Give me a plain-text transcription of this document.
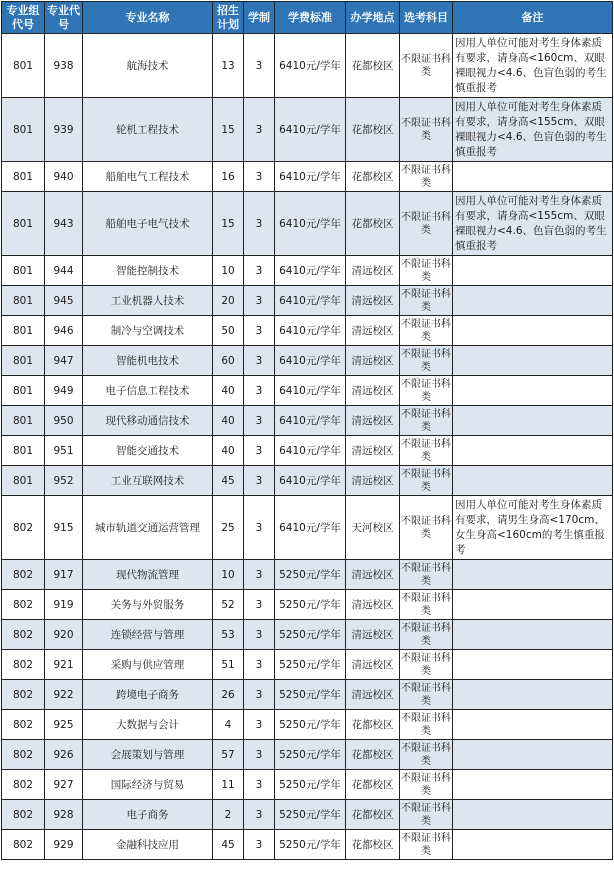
专业组代号	专业代号	专业名称	招生计划	学制	学费标准	办学地点	选考科目	备注
801	938	航海技术	13	3	6410元/学年	花都校区	不限证书科类	因用人单位可能对考生身体素质有要求，请身高<160cm、双眼裸眼视力<4.6、色盲色弱的考生慎重报考
801	939	轮机工程技术	15	3	6410元/学年	花都校区	不限证书科类	因用人单位可能对考生身体素质有要求，请身高<155cm、双眼裸眼视力<4.6、色盲色弱的考生慎重报考
801	940	船舶电气工程技术	16	3	6410元/学年	花都校区	不限证书科类	
801	943	船舶电子电气技术	15	3	6410元/学年	花都校区	不限证书科类	因用人单位可能对考生身体素质有要求，请身高<155cm、双眼裸眼视力<4.6、色盲色弱的考生慎重报考
801	944	智能控制技术	10	3	6410元/学年	清远校区	不限证书科类	
801	945	工业机器人技术	20	3	6410元/学年	清远校区	不限证书科类	
801	946	制冷与空调技术	50	3	6410元/学年	清远校区	不限证书科类	
801	947	智能机电技术	60	3	6410元/学年	清远校区	不限证书科类	
801	949	电子信息工程技术	40	3	6410元/学年	清远校区	不限证书科类	
801	950	现代移动通信技术	40	3	6410元/学年	清远校区	不限证书科类	
801	951	智能交通技术	40	3	6410元/学年	清远校区	不限证书科类	
801	952	工业互联网技术	45	3	6410元/学年	清远校区	不限证书科类	
802	915	城市轨道交通运营管理	25	3	6410元/学年	天河校区	不限证书科类	因用人单位可能对考生身体素质有要求，请男生身高<170cm、女生身高<160cm的考生慎重报考
802	917	现代物流管理	10	3	5250元/学年	清远校区	不限证书科类	
802	919	关务与外贸服务	52	3	5250元/学年	清远校区	不限证书科类	
802	920	连锁经营与管理	53	3	5250元/学年	清远校区	不限证书科类	
802	921	采购与供应管理	51	3	5250元/学年	清远校区	不限证书科类	
802	922	跨境电子商务	26	3	5250元/学年	清远校区	不限证书科类	
802	925	大数据与会计	4	3	5250元/学年	花都校区	不限证书科类	
802	926	会展策划与管理	57	3	5250元/学年	花都校区	不限证书科类	
802	927	国际经济与贸易	11	3	5250元/学年	花都校区	不限证书科类	
802	928	电子商务	2	3	5250元/学年	花都校区	不限证书科类	
802	929	金融科技应用	45	3	5250元/学年	花都校区	不限证书科类	
